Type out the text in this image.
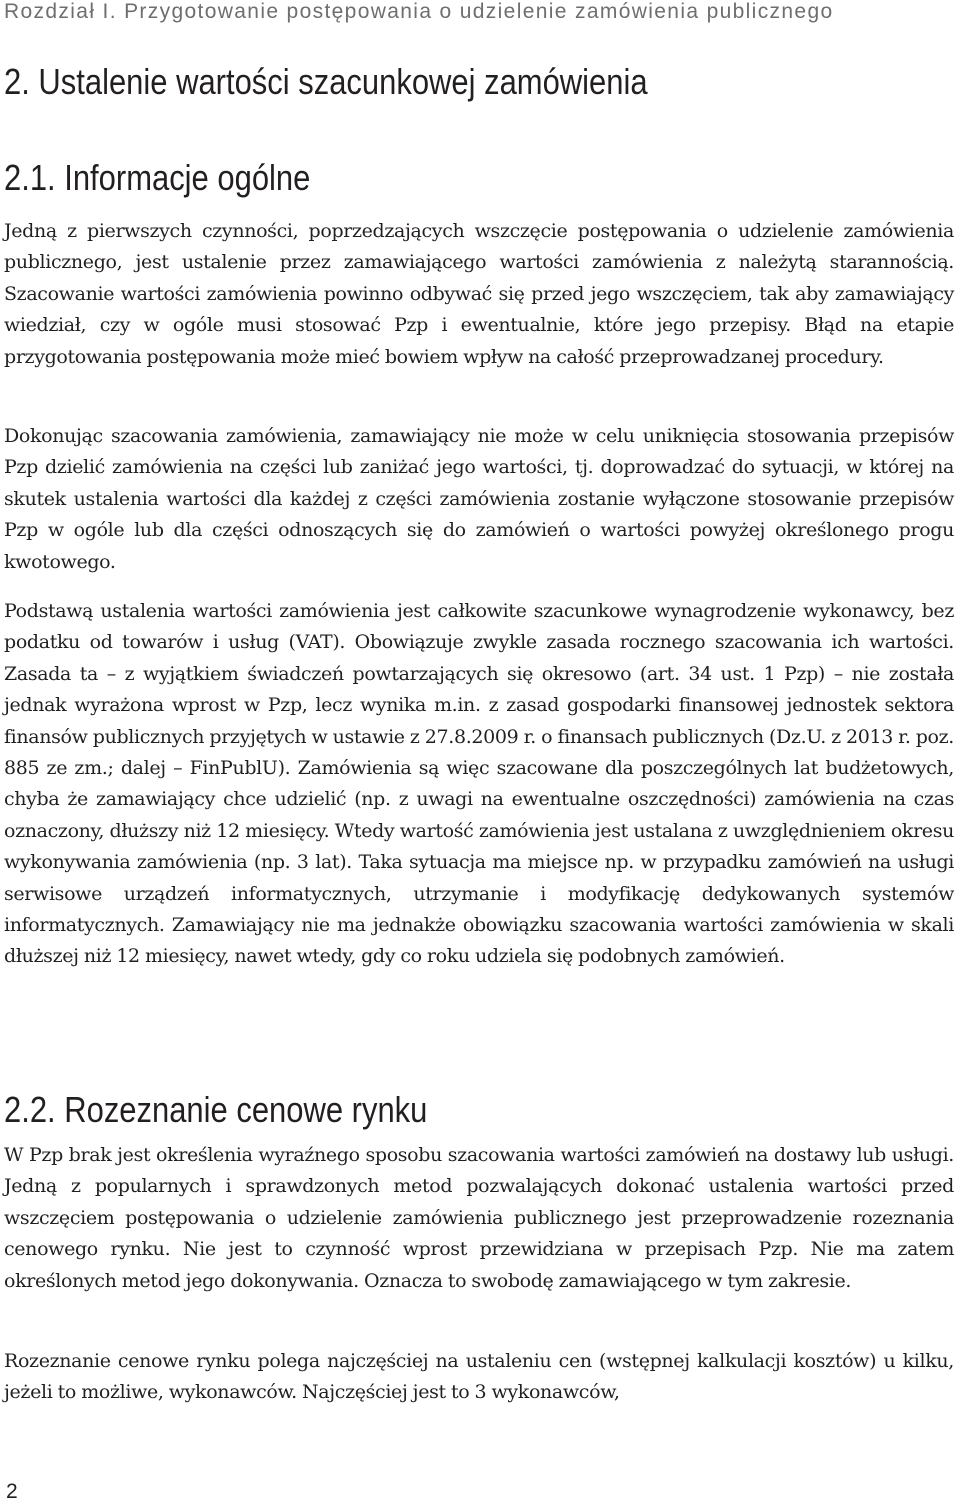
Rozdział I. Przygotowanie postępowania o udzielenie zamówienia publicznego
2. Ustalenie wartości szacunkowej zamówienia
2.1. Informacje ogólne

Jedną z pierwszych czynności, poprzedzających wszczęcie postępowania o udzielenie zamówienia publicznego, jest ustalenie przez zamawiającego wartości zamówienia z należytą starannością. Szacowanie wartości zamówienia powinno odbywać się przed jego wszczęciem, tak aby zamawiający wiedział, czy w ogóle musi stosować Pzp i ewentualnie, które jego przepisy. Błąd na etapie przygotowania postępowania może mieć bowiem wpływ na całość przeprowadzanej procedury.

Dokonując szacowania zamówienia, zamawiający nie może w celu uniknięcia stosowania przepisów Pzp dzielić zamówienia na części lub zaniżać jego wartości, tj. doprowadzać do sytuacji, w której na skutek ustalenia wartości dla każdej z części zamówienia zostanie wyłączone stosowanie przepisów Pzp w ogóle lub dla części odnoszących się do zamówień o wartości powyżej określonego progu kwotowego.

Podstawą ustalenia wartości zamówienia jest całkowite szacunkowe wynagrodzenie wykonawcy, bez podatku od towarów i usług (VAT). Obowiązuje zwykle zasada rocznego szacowania ich wartości. Zasada ta – z wyjątkiem świadczeń powtarzających się okresowo (art. 34 ust. 1 Pzp) – nie została jednak wyrażona wprost w Pzp, lecz wynika m.in. z zasad gospodarki finansowej jednostek sektora finansów publicznych przyjętych w ustawie z 27.8.2009 r. o finansach publicznych (Dz.U. z 2013 r. poz. 885 ze zm.; dalej – FinPublU). Zamówienia są więc szacowane dla poszczególnych lat budżetowych, chyba że zamawiający chce udzielić (np. z uwagi na ewentualne oszczędności) zamówienia na czas oznaczony, dłuższy niż 12 miesięcy. Wtedy wartość zamówienia jest ustalana z uwzględnieniem okresu wykonywania zamówienia (np. 3 lat). Taka sytuacja ma miejsce np. w przypadku zamówień na usługi serwisowe urządzeń informatycznych, utrzymanie i modyfikację dedykowanych systemów informatycznych. Zamawiający nie ma jednakże obowiązku szacowania wartości zamówienia w skali dłuższej niż 12 miesięcy, nawet wtedy, gdy co roku udziela się podobnych zamówień.

2.2. Rozeznanie cenowe rynku

W Pzp brak jest określenia wyraźnego sposobu szacowania wartości zamówień na dostawy lub usługi. Jedną z popularnych i sprawdzonych metod pozwalających dokonać ustalenia wartości przed wszczęciem postępowania o udzielenie zamówienia publicznego jest przeprowadzenie rozeznania cenowego rynku. Nie jest to czynność wprost przewidziana w przepisach Pzp. Nie ma zatem określonych metod jego dokonywania. Oznacza to swobodę zamawiającego w tym zakresie.

Rozeznanie cenowe rynku polega najczęściej na ustaleniu cen (wstępnej kalkulacji kosztów) u kilku, jeżeli to możliwe, wykonawców. Najczęściej jest to 3 wykonawców,

2
